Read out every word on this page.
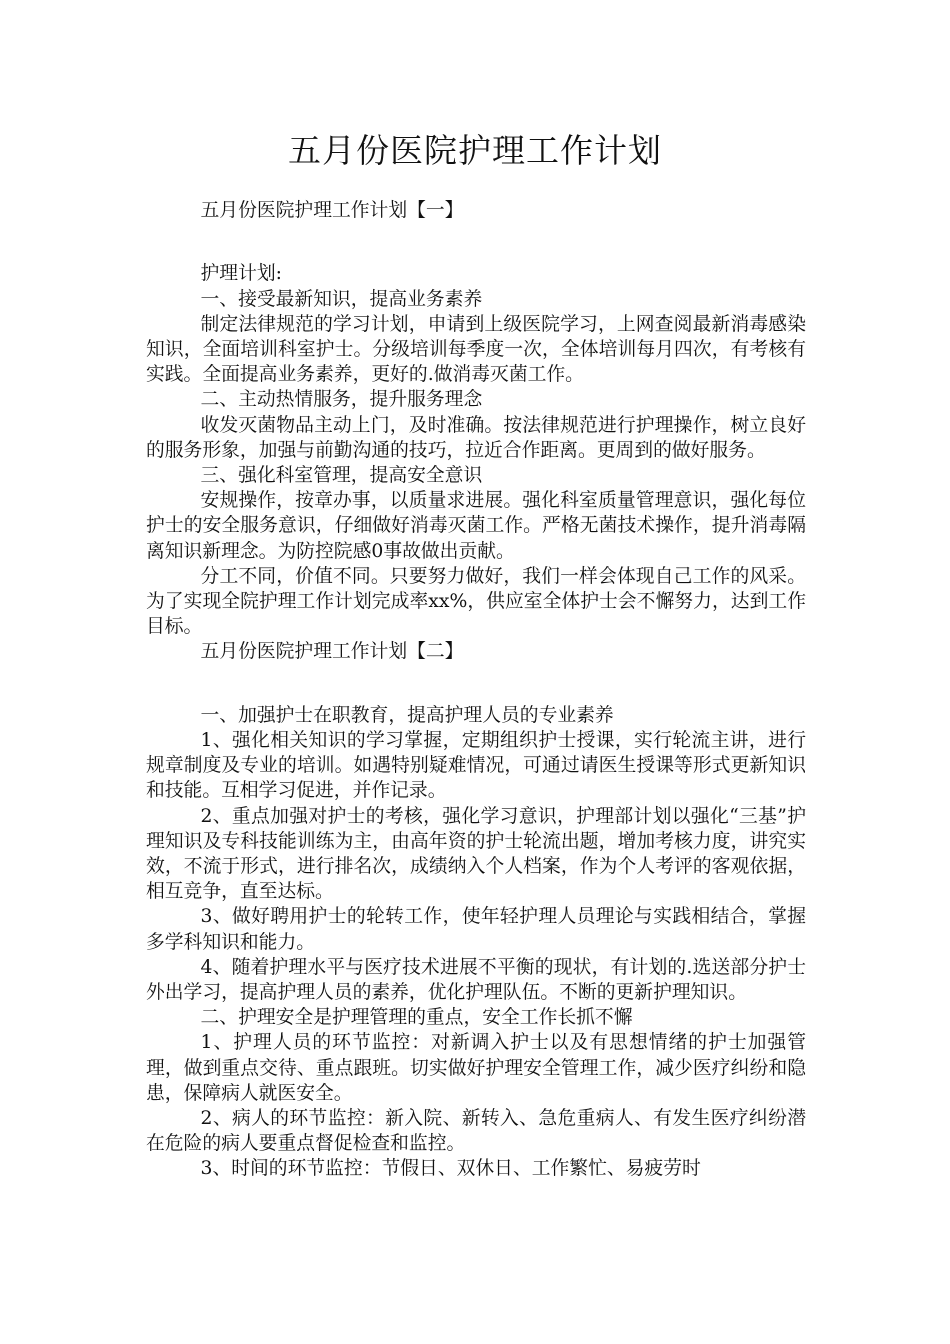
五月份医院护理工作计划

五月份医院护理工作计划【一】

护理计划:

一、接受最新知识，提高业务素养

制定法律规范的学习计划，申请到上级医院学习，上网查阅最新消毒感染知识，全面培训科室护士。分级培训每季度一次，全体培训每月四次，有考核有实践。全面提高业务素养，更好的.做消毒灭菌工作。

二、主动热情服务，提升服务理念

收发灭菌物品主动上门，及时准确。按法律规范进行护理操作，树立良好的服务形象，加强与前勤沟通的技巧，拉近合作距离。更周到的做好服务。

三、强化科室管理，提高安全意识

安规操作，按章办事，以质量求进展。强化科室质量管理意识，强化每位护士的安全服务意识，仔细做好消毒灭菌工作。严格无菌技术操作，提升消毒隔离知识新理念。为防控院感0事故做出贡献。

分工不同，价值不同。只要努力做好，我们一样会体现自己工作的风采。为了实现全院护理工作计划完成率xx%，供应室全体护士会不懈努力，达到工作目标。

五月份医院护理工作计划【二】

一、加强护士在职教育，提高护理人员的专业素养

1、强化相关知识的学习掌握，定期组织护士授课，实行轮流主讲，进行规章制度及专业的培训。如遇特别疑难情况，可通过请医生授课等形式更新知识和技能。互相学习促进，并作记录。

2、重点加强对护士的考核，强化学习意识，护理部计划以强化“三基”护理知识及专科技能训练为主，由高年资的护士轮流出题，增加考核力度，讲究实效，不流于形式，进行排名次，成绩纳入个人档案，作为个人考评的客观依据，相互竞争，直至达标。

3、做好聘用护士的轮转工作，使年轻护理人员理论与实践相结合，掌握多学科知识和能力。

4、随着护理水平与医疗技术进展不平衡的现状，有计划的.选送部分护士外出学习，提高护理人员的素养，优化护理队伍。不断的更新护理知识。

二、护理安全是护理管理的重点，安全工作长抓不懈

1、护理人员的环节监控：对新调入护士以及有思想情绪的护士加强管理，做到重点交待、重点跟班。切实做好护理安全管理工作，减少医疗纠纷和隐患，保障病人就医安全。

2、病人的环节监控：新入院、新转入、急危重病人、有发生医疗纠纷潜在危险的病人要重点督促检查和监控。

3、时间的环节监控：节假日、双休日、工作繁忙、易疲劳时
